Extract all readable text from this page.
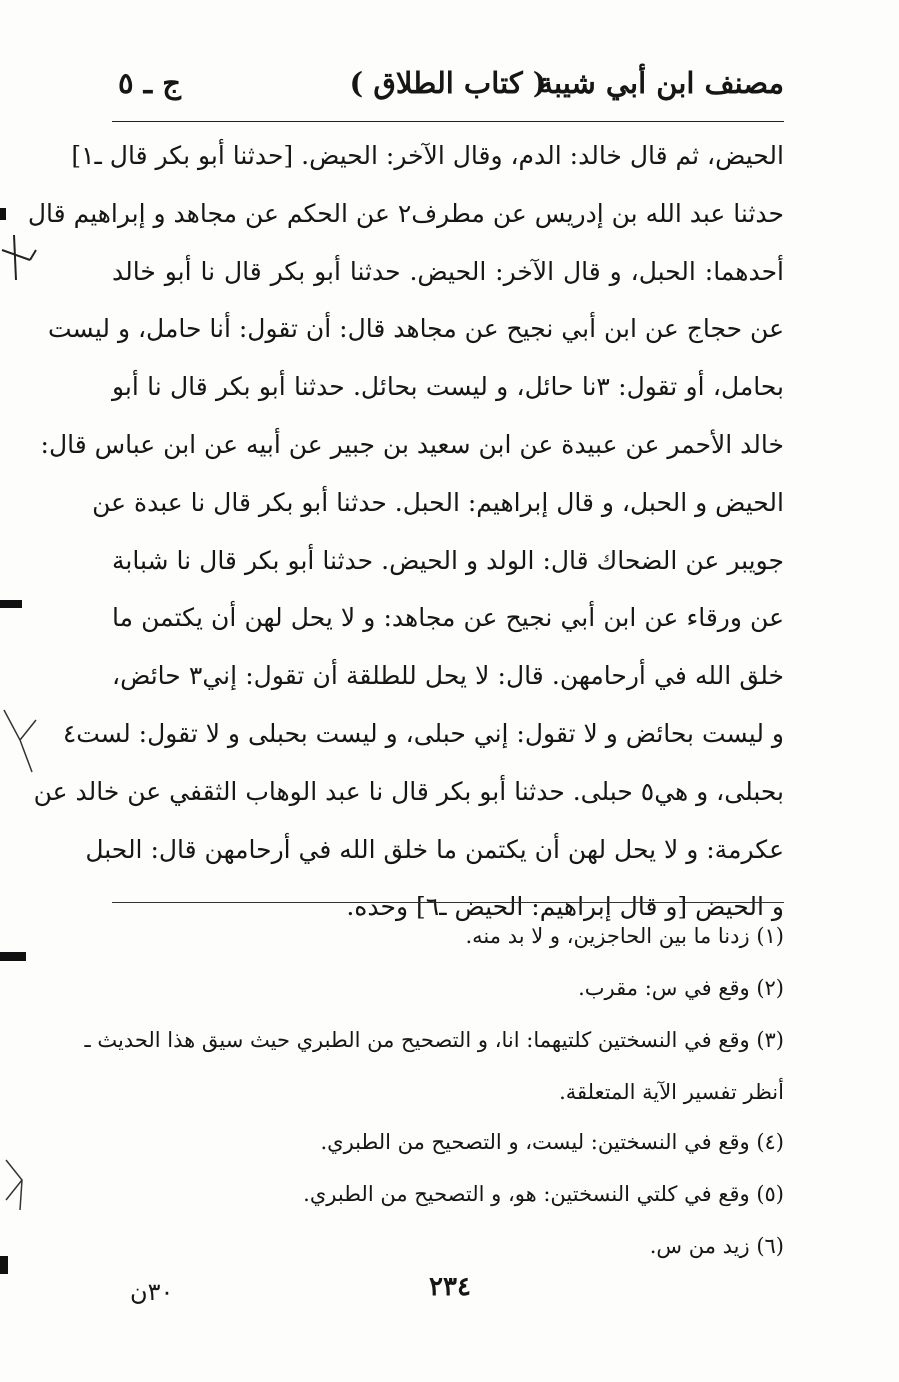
مصنف ابن أبي شيبة
( كتاب الطلاق )
ج ـ ٥
الحيض، ثم قال خالد: الدم، وقال الآخر: الحيض. [حدثنا أبو بكر قال ـ١]
حدثنا عبد الله بن إدريس عن مطرف٢ عن الحكم عن مجاهد و إبراهيم قال
أحدهما: الحبل، و قال الآخر: الحيض. حدثنا أبو بكر قال نا أبو خالد
عن حجاج عن ابن أبي نجيح عن مجاهد قال: أن تقول: أنا حامل، و ليست
بحامل، أو تقول: ٣نا حائل، و ليست بحائل. حدثنا أبو بكر قال نا أبو
خالد الأحمر عن عبيدة عن ابن سعيد بن جبير عن أبيه عن ابن عباس قال:
الحيض و الحبل، و قال إبراهيم: الحبل. حدثنا أبو بكر قال نا عبدة عن
جويبر عن الضحاك قال: الولد و الحيض. حدثنا أبو بكر قال نا شبابة
عن ورقاء عن ابن أبي نجيح عن مجاهد: و لا يحل لهن أن يكتمن ما
خلق الله في أرحامهن. قال: لا يحل للطلقة أن تقول: إني٣ حائض،
و ليست بحائض و لا تقول: إني حبلى، و ليست بحبلى و لا تقول: لست٤
بحبلى، و هي٥ حبلى. حدثنا أبو بكر قال نا عبد الوهاب الثقفي عن خالد عن
عكرمة: و لا يحل لهن أن يكتمن ما خلق الله في أرحامهن قال: الحبل
و الحيض [و قال إبراهيم: الحيض ـ٦] وحده.
(١) زدنا ما بين الحاجزين، و لا بد منه.
(٢) وقع في س: مقرب.
(٣) وقع في النسختين كلتيهما: انا، و التصحيح من الطبري حيث سيق هذا الحديث ـ
أنظر تفسير الآية المتعلقة.
(٤) وقع في النسختين: ليست، و التصحيح من الطبري.
(٥) وقع في كلتي النسختين: هو، و التصحيح من الطبري.
(٦) زيد من س.
٢٣٤
٣٠ن
